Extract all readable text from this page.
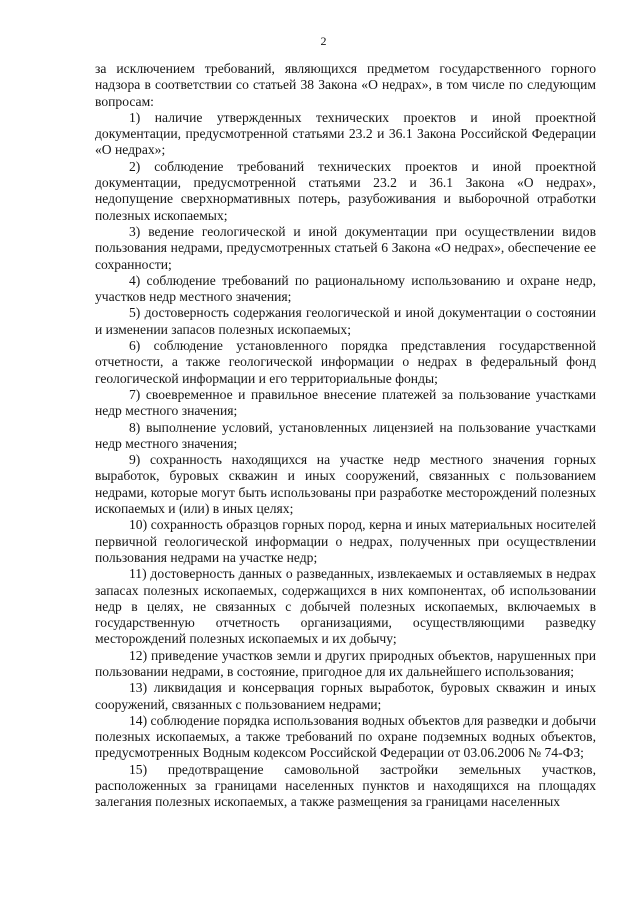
2

за исключением требований, являющихся предметом государственного горного надзора в соответствии со статьей 38 Закона «О недрах», в том числе по следующим вопросам:

1) наличие утвержденных технических проектов и иной проектной документации, предусмотренной статьями 23.2 и 36.1 Закона Российской Федерации «О недрах»;

2) соблюдение требований технических проектов и иной проектной документации, предусмотренной статьями 23.2 и 36.1 Закона «О недрах», недопущение сверхнормативных потерь, разубоживания и выборочной отработки полезных ископаемых;

3) ведение геологической и иной документации при осуществлении видов пользования недрами, предусмотренных статьей 6 Закона «О недрах», обеспечение ее сохранности;

4) соблюдение требований по рациональному использованию и охране недр, участков недр местного значения;

5) достоверность содержания геологической и иной документации о состоянии и изменении запасов полезных ископаемых;

6) соблюдение установленного порядка представления государственной отчетности, а также геологической информации о недрах в федеральный фонд геологической информации и его территориальные фонды;

7) своевременное и правильное внесение платежей за пользование участками недр местного значения;

8) выполнение условий, установленных лицензией на пользование участками недр местного значения;

9) сохранность находящихся на участке недр местного значения горных выработок, буровых скважин и иных сооружений, связанных с пользованием недрами, которые могут быть использованы при разработке месторождений полезных ископаемых и (или) в иных целях;

10) сохранность образцов горных пород, керна и иных материальных носителей первичной геологической информации о недрах, полученных при осуществлении пользования недрами на участке недр;

11) достоверность данных о разведанных, извлекаемых и оставляемых в недрах запасах полезных ископаемых, содержащихся в них компонентах, об использовании недр в целях, не связанных с добычей полезных ископаемых, включаемых в государственную отчетность организациями, осуществляющими разведку месторождений полезных ископаемых и их добычу;

12) приведение участков земли и других природных объектов, нарушенных при пользовании недрами, в состояние, пригодное для их дальнейшего использования;

13) ликвидация и консервация горных выработок, буровых скважин и иных сооружений, связанных с пользованием недрами;

14) соблюдение порядка использования водных объектов для разведки и добычи полезных ископаемых, а также требований по охране подземных водных объектов, предусмотренных Водным кодексом Российской Федерации от 03.06.2006 № 74-ФЗ;

15) предотвращение самовольной застройки земельных участков, расположенных за границами населенных пунктов и находящихся на площадях залегания полезных ископаемых, а также размещения за границами населенных
